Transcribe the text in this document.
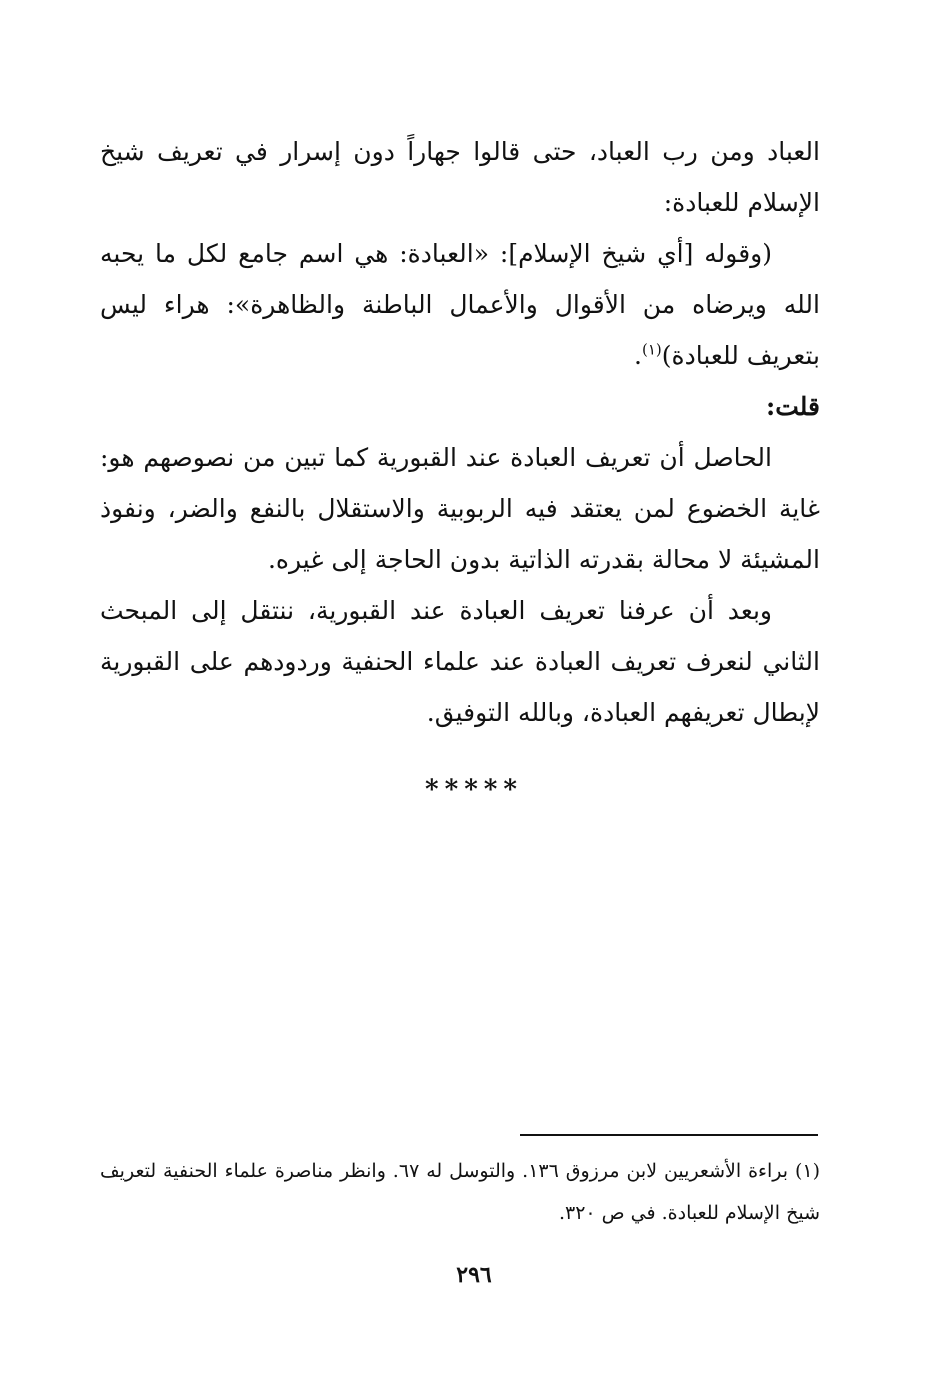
العباد ومن رب العباد، حتى قالوا جهاراً دون إسرار في تعريف شيخ الإسلام للعبادة:

(وقوله [أي شيخ الإسلام]: «العبادة: هي اسم جامع لكل ما يحبه الله ويرضاه من الأقوال والأعمال الباطنة والظاهرة»: هراء ليس بتعريف للعبادة)$^{(١)}$.

قلت:

الحاصل أن تعريف العبادة عند القبورية كما تبين من نصوصهم هو: غاية الخضوع لمن يعتقد فيه الربوبية والاستقلال بالنفع والضر، ونفوذ المشيئة لا محالة بقدرته الذاتية بدون الحاجة إلى غيره.

وبعد أن عرفنا تعريف العبادة عند القبورية، ننتقل إلى المبحث الثاني لنعرف تعريف العبادة عند علماء الحنفية وردودهم على القبورية لإبطال تعريفهم العبادة، وبالله التوفيق.

*****

(١) براءة الأشعريين لابن مرزوق ١٣٦. والتوسل له ٦٧. وانظر مناصرة علماء الحنفية لتعريف شيخ الإسلام للعبادة. في ص ٣٢٠.

٢٩٦
